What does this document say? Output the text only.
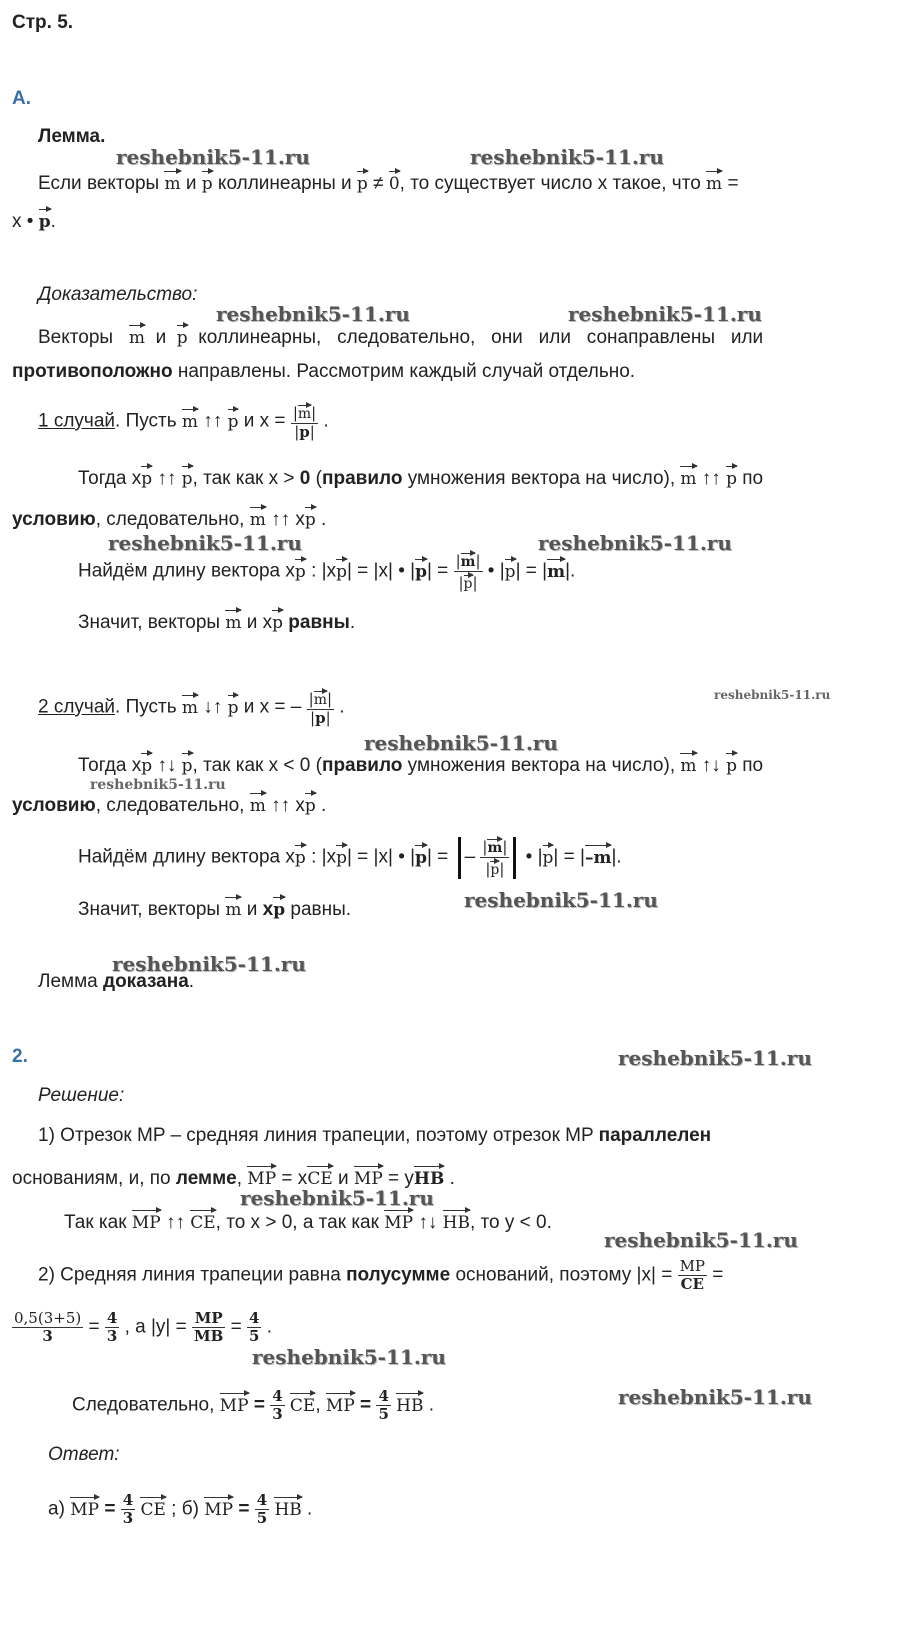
Стр. 5.
А.
Лемма.
Если векторы m и p коллинеарны и p ≠ 0, то существует число x такое, что m =
x • p.
Доказательство:
Векторы   m  и  p  коллинеарны,   следовательно,   они   или   сонаправлены   или
противоположно направлены. Рассмотрим каждый случай отдельно.
1 случай. Пусть m ↑↑ p и $x = \frac{|m|}{|p|}$ .
Тогда xp ↑↑ p, так как x > 0 (правило умножения вектора на число), m ↑↑ p по
условию, следовательно, m ↑↑ xp .
Найдём длину вектора xp : |xp| = |x| • $|p| = \frac{|m|}{|p|}$ • |p| = |m|.
Значит, векторы m и xp равны.
2 случай. Пусть m ↓↑ p и x = – $\frac{|m|}{|p|}$ .
Тогда xp ↑↓ p, так как x < 0 (правило умножения вектора на число), m ↑↓ p по
условию, следовательно, m ↑↑ xp .
Найдём длину вектора xp : |xp| = |x| • |p| = – $\frac{|m|}{|p|}$ • |p| = |–m|.
Значит, векторы m и xp равны.
Лемма доказана.
2.
Решение:
1) Отрезок MP – средняя линия трапеции, поэтому отрезок MP параллелен
основаниям, и, по лемме, MP = xCE и MP = yHB .
Так как MP ↑↑ CE, то x > 0, а так как MP ↑↓ HB, то y < 0.
2) Средняя линия трапеции равна полусумме оснований, поэтому $|x| = \frac{MP}{CE}$ =
$\frac{0,5(3+5)}{3} = \frac{4}{3}$ , а $|y| = \frac{MP}{MB} = \frac{4}{5}$ .
Следовательно, MP = $\frac{4}{3}$ CE, MP = $\frac{4}{5}$ HB .
Ответ:
а) MP = $\frac{4}{3}$ CE ; б) MP = $\frac{4}{5}$ HB .
reshebnik5-11.ru	reshebnik5-11.ru
reshebnik5-11.ru	reshebnik5-11.ru
reshebnik5-11.ru	reshebnik5-11.ru
reshebnik5-11.ru
reshebnik5-11.ru
reshebnik5-11.ru
reshebnik5-11.ru
reshebnik5-11.ru
reshebnik5-11.ru
reshebnik5-11.ru
reshebnik5-11.ru
reshebnik5-11.ru
reshebnik5-11.ru
